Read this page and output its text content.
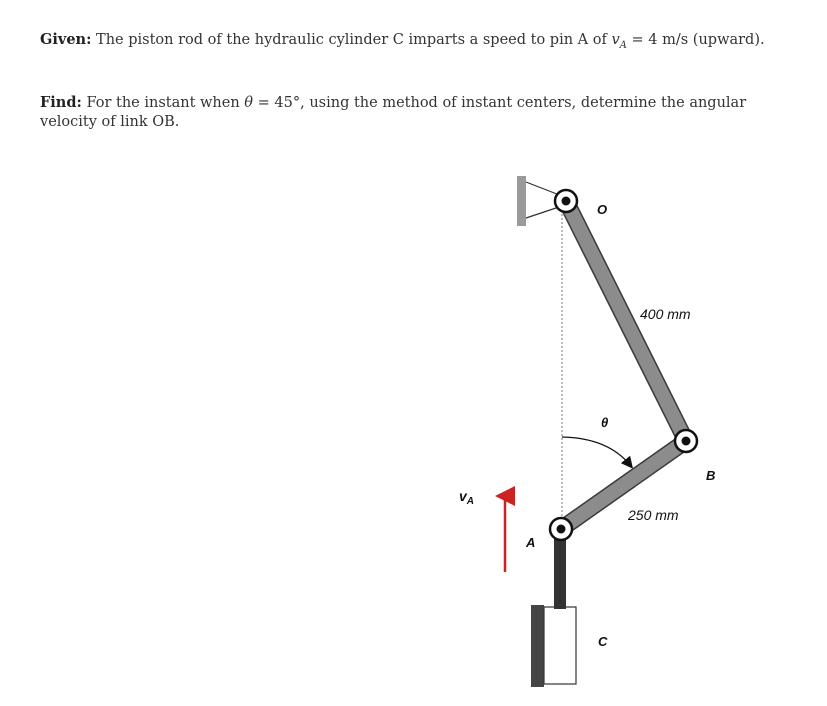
Given: The piston rod of the hydraulic cylinder C imparts a speed to pin A of $v_A = 4$ m/s (upward).
Find: For the instant when θ = 45°, using the method of instant centers, determine the angular velocity of link OB.
O
B
A
C
θ
$v_A$
400 mm
250 mm
